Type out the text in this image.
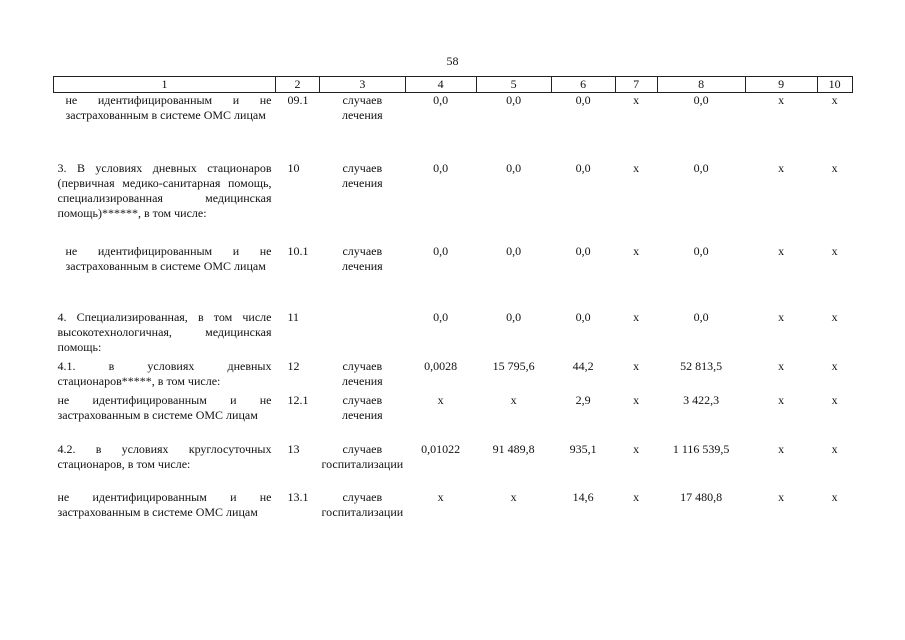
58
1	2	3	4	5	6	7	8	9	10
не идентифицированным и не застрахованным в системе ОМС лицам	09.1	случаев лечения	0,0	0,0	0,0	x	0,0	x	x
3. В условиях дневных стационаров (первичная медико-санитарная помощь, специализированная медицинская помощь)******, в том числе:	10	случаев лечения	0,0	0,0	0,0	x	0,0	x	x
не идентифицированным и не застрахованным в системе ОМС лицам	10.1	случаев лечения	0,0	0,0	0,0	x	0,0	x	x
4. Специализированная, в том числе высокотехнологичная, медицинская помощь:	11		0,0	0,0	0,0	x	0,0	x	x
4.1. в условиях дневных стационаров*****, в том числе:	12	случаев лечения	0,0028	15 795,6	44,2	x	52 813,5	x	x
не идентифицированным и не застрахованным в системе ОМС лицам	12.1	случаев лечения	x	x	2,9	x	3 422,3	x	x
4.2. в условиях круглосуточных стационаров, в том числе:	13	случаев госпитализации	0,01022	91 489,8	935,1	x	1 116 539,5	x	x
не идентифицированным и не застрахованным в системе ОМС лицам	13.1	случаев госпитализации	x	x	14,6	x	17 480,8	x	x
